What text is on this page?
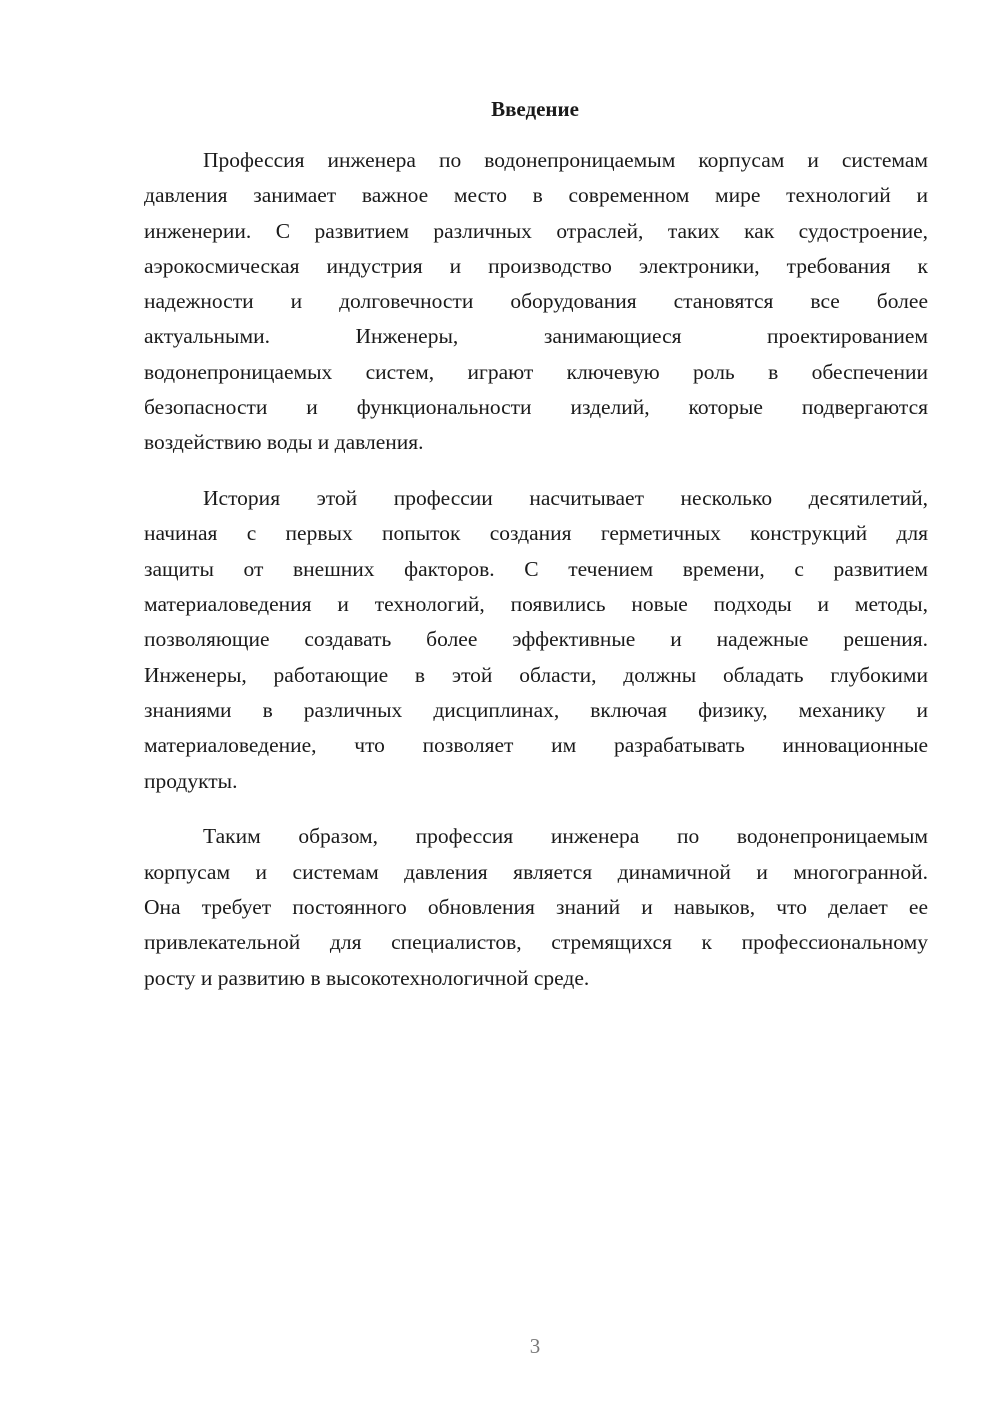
Введение
Профессия инженера по водонепроницаемым корпусам и системам
давления занимает важное место в современном мире технологий и
инженерии. С развитием различных отраслей, таких как судостроение,
аэрокосмическая индустрия и производство электроники, требования к
надежности и долговечности оборудования становятся все более
актуальными. Инженеры, занимающиеся проектированием
водонепроницаемых систем, играют ключевую роль в обеспечении
безопасности и функциональности изделий, которые подвергаются
воздействию воды и давления.
История этой профессии насчитывает несколько десятилетий,
начиная с первых попыток создания герметичных конструкций для
защиты от внешних факторов. С течением времени, с развитием
материаловедения и технологий, появились новые подходы и методы,
позволяющие создавать более эффективные и надежные решения.
Инженеры, работающие в этой области, должны обладать глубокими
знаниями в различных дисциплинах, включая физику, механику и
материаловедение, что позволяет им разрабатывать инновационные
продукты.
Таким образом, профессия инженера по водонепроницаемым
корпусам и системам давления является динамичной и многогранной.
Она требует постоянного обновления знаний и навыков, что делает ее
привлекательной для специалистов, стремящихся к профессиональному
росту и развитию в высокотехнологичной среде.
3
